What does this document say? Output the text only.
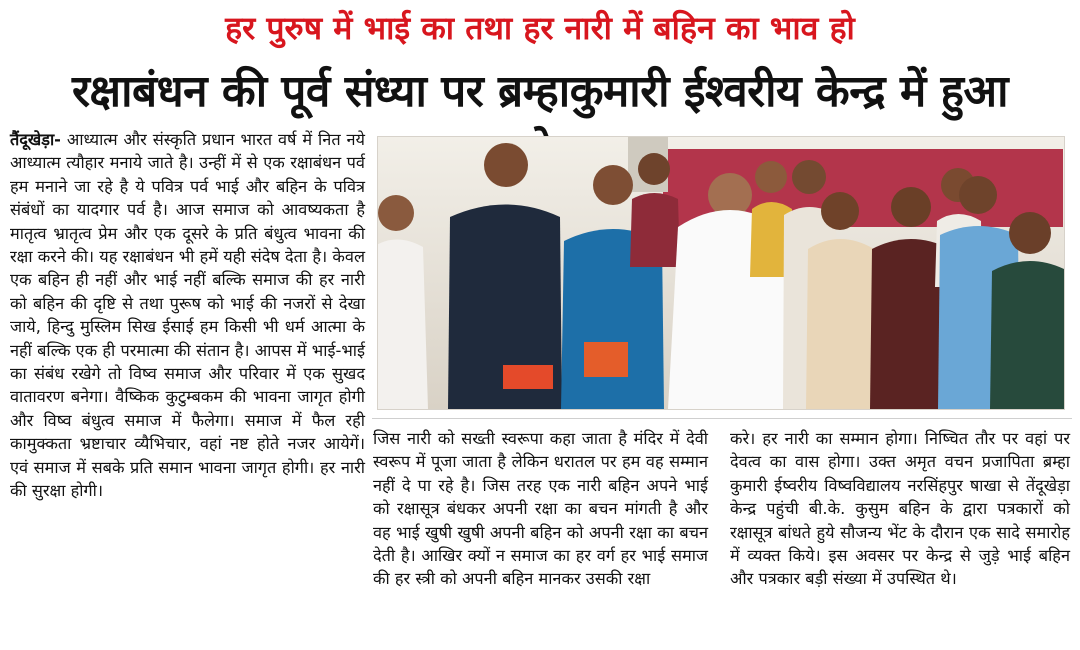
हर पुरुष में भाई का तथा हर नारी में बहिन का भाव हो
रक्षाबंधन की पूर्व संध्या पर ब्रम्हाकुमारी ईश्वरीय केन्द्र में हुआ
तैंदूखेड़ा- आध्यात्म और संस्कृति प्रधान भारत वर्ष में नित नये आध्यात्म त्यौहार मनाये जाते है। उन्हीं में से एक रक्षाबंधन पर्व हम मनाने जा रहे है ये पवित्र पर्व भाई और बहिन के पवित्र संबंधों का यादगार पर्व है। आज समाज को आवष्यकता है मातृत्व भ्रातृत्व प्रेम और एक दूसरे के प्रति बंधुत्व भावना की रक्षा करने की। यह रक्षाबंधन भी हमें यही संदेष देता है। केवल एक बहिन ही नहीं और भाई नहीं बल्कि समाज की हर नारी को बहिन की दृष्टि से तथा पुरूष को भाई की नजरों से देखा जाये, हिन्दु मुस्लिम सिख ईसाई हम किसी भी धर्म आत्मा के नहीं बल्कि एक ही परमात्मा की संतान है। आपस में भाई-भाई का संबंध रखेगे तो विष्व समाज और परिवार में एक सुखद वातावरण बनेगा। वैष्किक कुटुम्बकम की भावना जागृत होगी और विष्व बंधुत्व समाज में फैलेगा। समाज में फैल रही कामुक्कता भ्रष्टाचार व्यैभिचार, वहां नष्ट होते नजर आयेगें। एवं समाज में सबके प्रति समान भावना जागृत होगी। हर नारी की सुरक्षा होगी।
जिस नारी को सख्ती स्वरूपा कहा जाता है मंदिर में देवी स्वरूप में पूजा जाता है लेकिन धरातल पर हम वह सम्मान नहीं दे पा रहे है। जिस तरह एक नारी बहिन अपने भाई को रक्षासूत्र बंधकर अपनी रक्षा का बचन मांगती है और वह भाई खुषी खुषी अपनी बहिन को अपनी रक्षा का बचन देती है। आखिर क्यों न समाज का हर वर्ग हर भाई समाज की हर स्त्री को अपनी बहिन मानकर उसकी रक्षा
करे। हर नारी का सम्मान होगा। निष्चित तौर पर वहां पर देवत्व का वास होगा। उक्त अमृत वचन प्रजापिता ब्रम्हा कुमारी ईष्वरीय विष्वविद्यालय नरसिंहपुर षाखा से तेंदूखेड़ा केन्द्र पहुंची बी.के. कुसुम बहिन के द्वारा पत्रकारों को रक्षासूत्र बांधते हुये सौजन्य भेंट के दौरान एक सादे समारोह में व्यक्त किये। इस अवसर पर केन्द्र से जुड़े भाई बहिन और पत्रकार बड़ी संख्या में उपस्थित थे।
